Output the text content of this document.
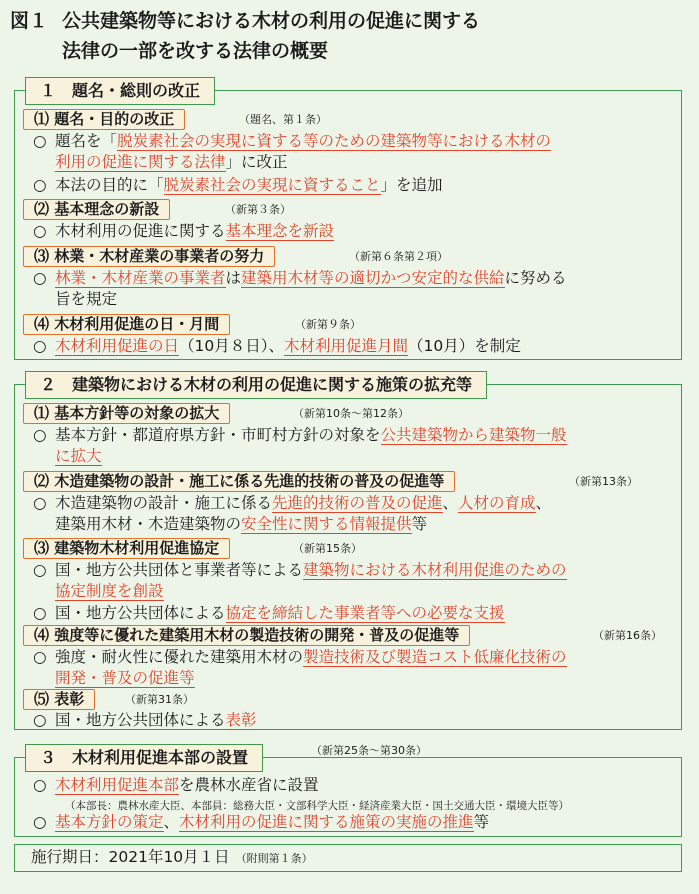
図１ 公共建築物等における木材の利用の促進に関する
法律の一部を改する法律の概要
１　題名・総則の改正
⑴ 題名・目的の改正	（題名、第１条）
○ 題名を「脱炭素社会の実現に資する等のための建築物等における木材の
利用の促進に関する法律」に改正
○ 本法の目的に「脱炭素社会の実現に資すること」を追加
⑵ 基本理念の新設	（新第３条）
○ 木材利用の促進に関する基本理念を新設
⑶ 林業・木材産業の事業者の努力	（新第６条第２項）
○ 林業・木材産業の事業者は建築用木材等の適切かつ安定的な供給に努める
旨を規定
⑷ 木材利用促進の日・月間	（新第９条）
○ 木材利用促進の日（10月８日）、木材利用促進月間（10月）を制定
２　建築物における木材の利用の促進に関する施策の拡充等
⑴ 基本方針等の対象の拡大	（新第10条～第12条）
○ 基本方針・都道府県方針・市町村方針の対象を公共建築物から建築物一般
に拡大
⑵ 木造建築物の設計・施工に係る先進的技術の普及の促進等	（新第13条）
○ 木造建築物の設計・施工に係る先進的技術の普及の促進、人材の育成、
建築用木材・木造建築物の安全性に関する情報提供等
⑶ 建築物木材利用促進協定	（新第15条）
○ 国・地方公共団体と事業者等による建築物における木材利用促進のための
協定制度を創設
○ 国・地方公共団体による協定を締結した事業者等への必要な支援
⑷ 強度等に優れた建築用木材の製造技術の開発・普及の促進等	（新第16条）
○ 強度・耐火性に優れた建築用木材の製造技術及び製造コスト低廉化技術の
開発・普及の促進等
⑸ 表彰	（新第31条）
○ 国・地方公共団体による表彰
３　木材利用促進本部の設置	（新第25条～第30条）
○ 木材利用促進本部を農林水産省に設置
（本部長：農林水産大臣、本部員：総務大臣・文部科学大臣・経済産業大臣・国土交通大臣・環境大臣等）
○ 基本方針の策定、木材利用の促進に関する施策の実施の推進等
施行期日：2021年10月１日 （附則第１条）
